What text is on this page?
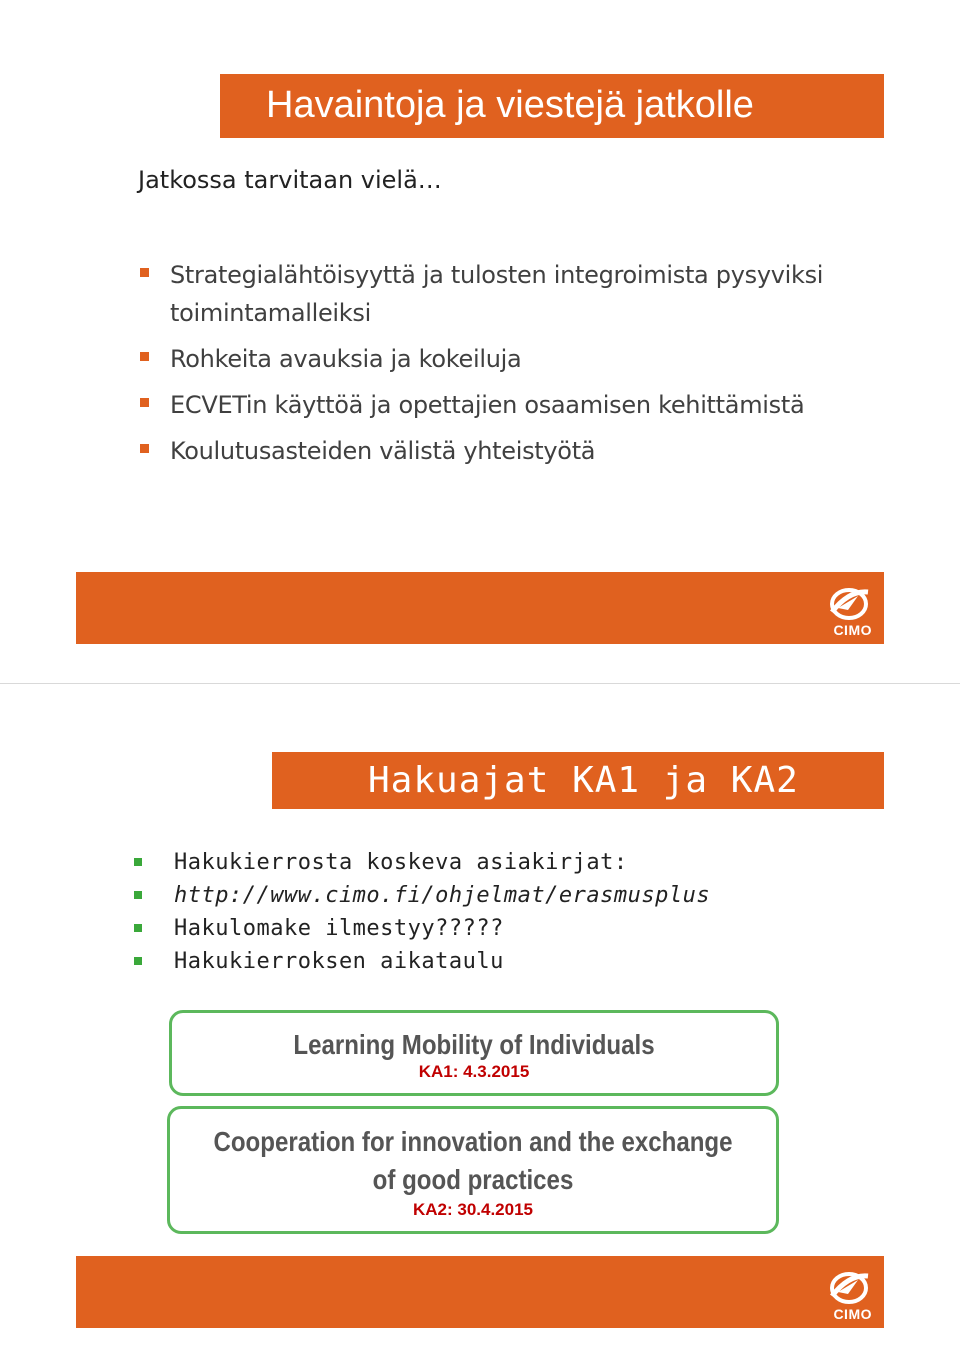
Havaintoja ja viestejä jatkolle
Jatkossa tarvitaan vielä…
Strategialähtöisyyttä ja tulosten integroimista pysyviksi toimintamalleiksi
Rohkeita avauksia ja kokeiluja
ECVETin käyttöä ja opettajien osaamisen kehittämistä
Koulutusasteiden välistä yhteistyötä
CIMO
Hakuajat KA1 ja KA2
Hakukierrosta koskeva asiakirjat:
http://www.cimo.fi/ohjelmat/erasmusplus
Hakulomake ilmestyy?????
Hakukierroksen aikataulu
Learning Mobility of Individuals
KA1: 4.3.2015
Cooperation for innovation and the exchange
of good practices
KA2: 30.4.2015
CIMO
